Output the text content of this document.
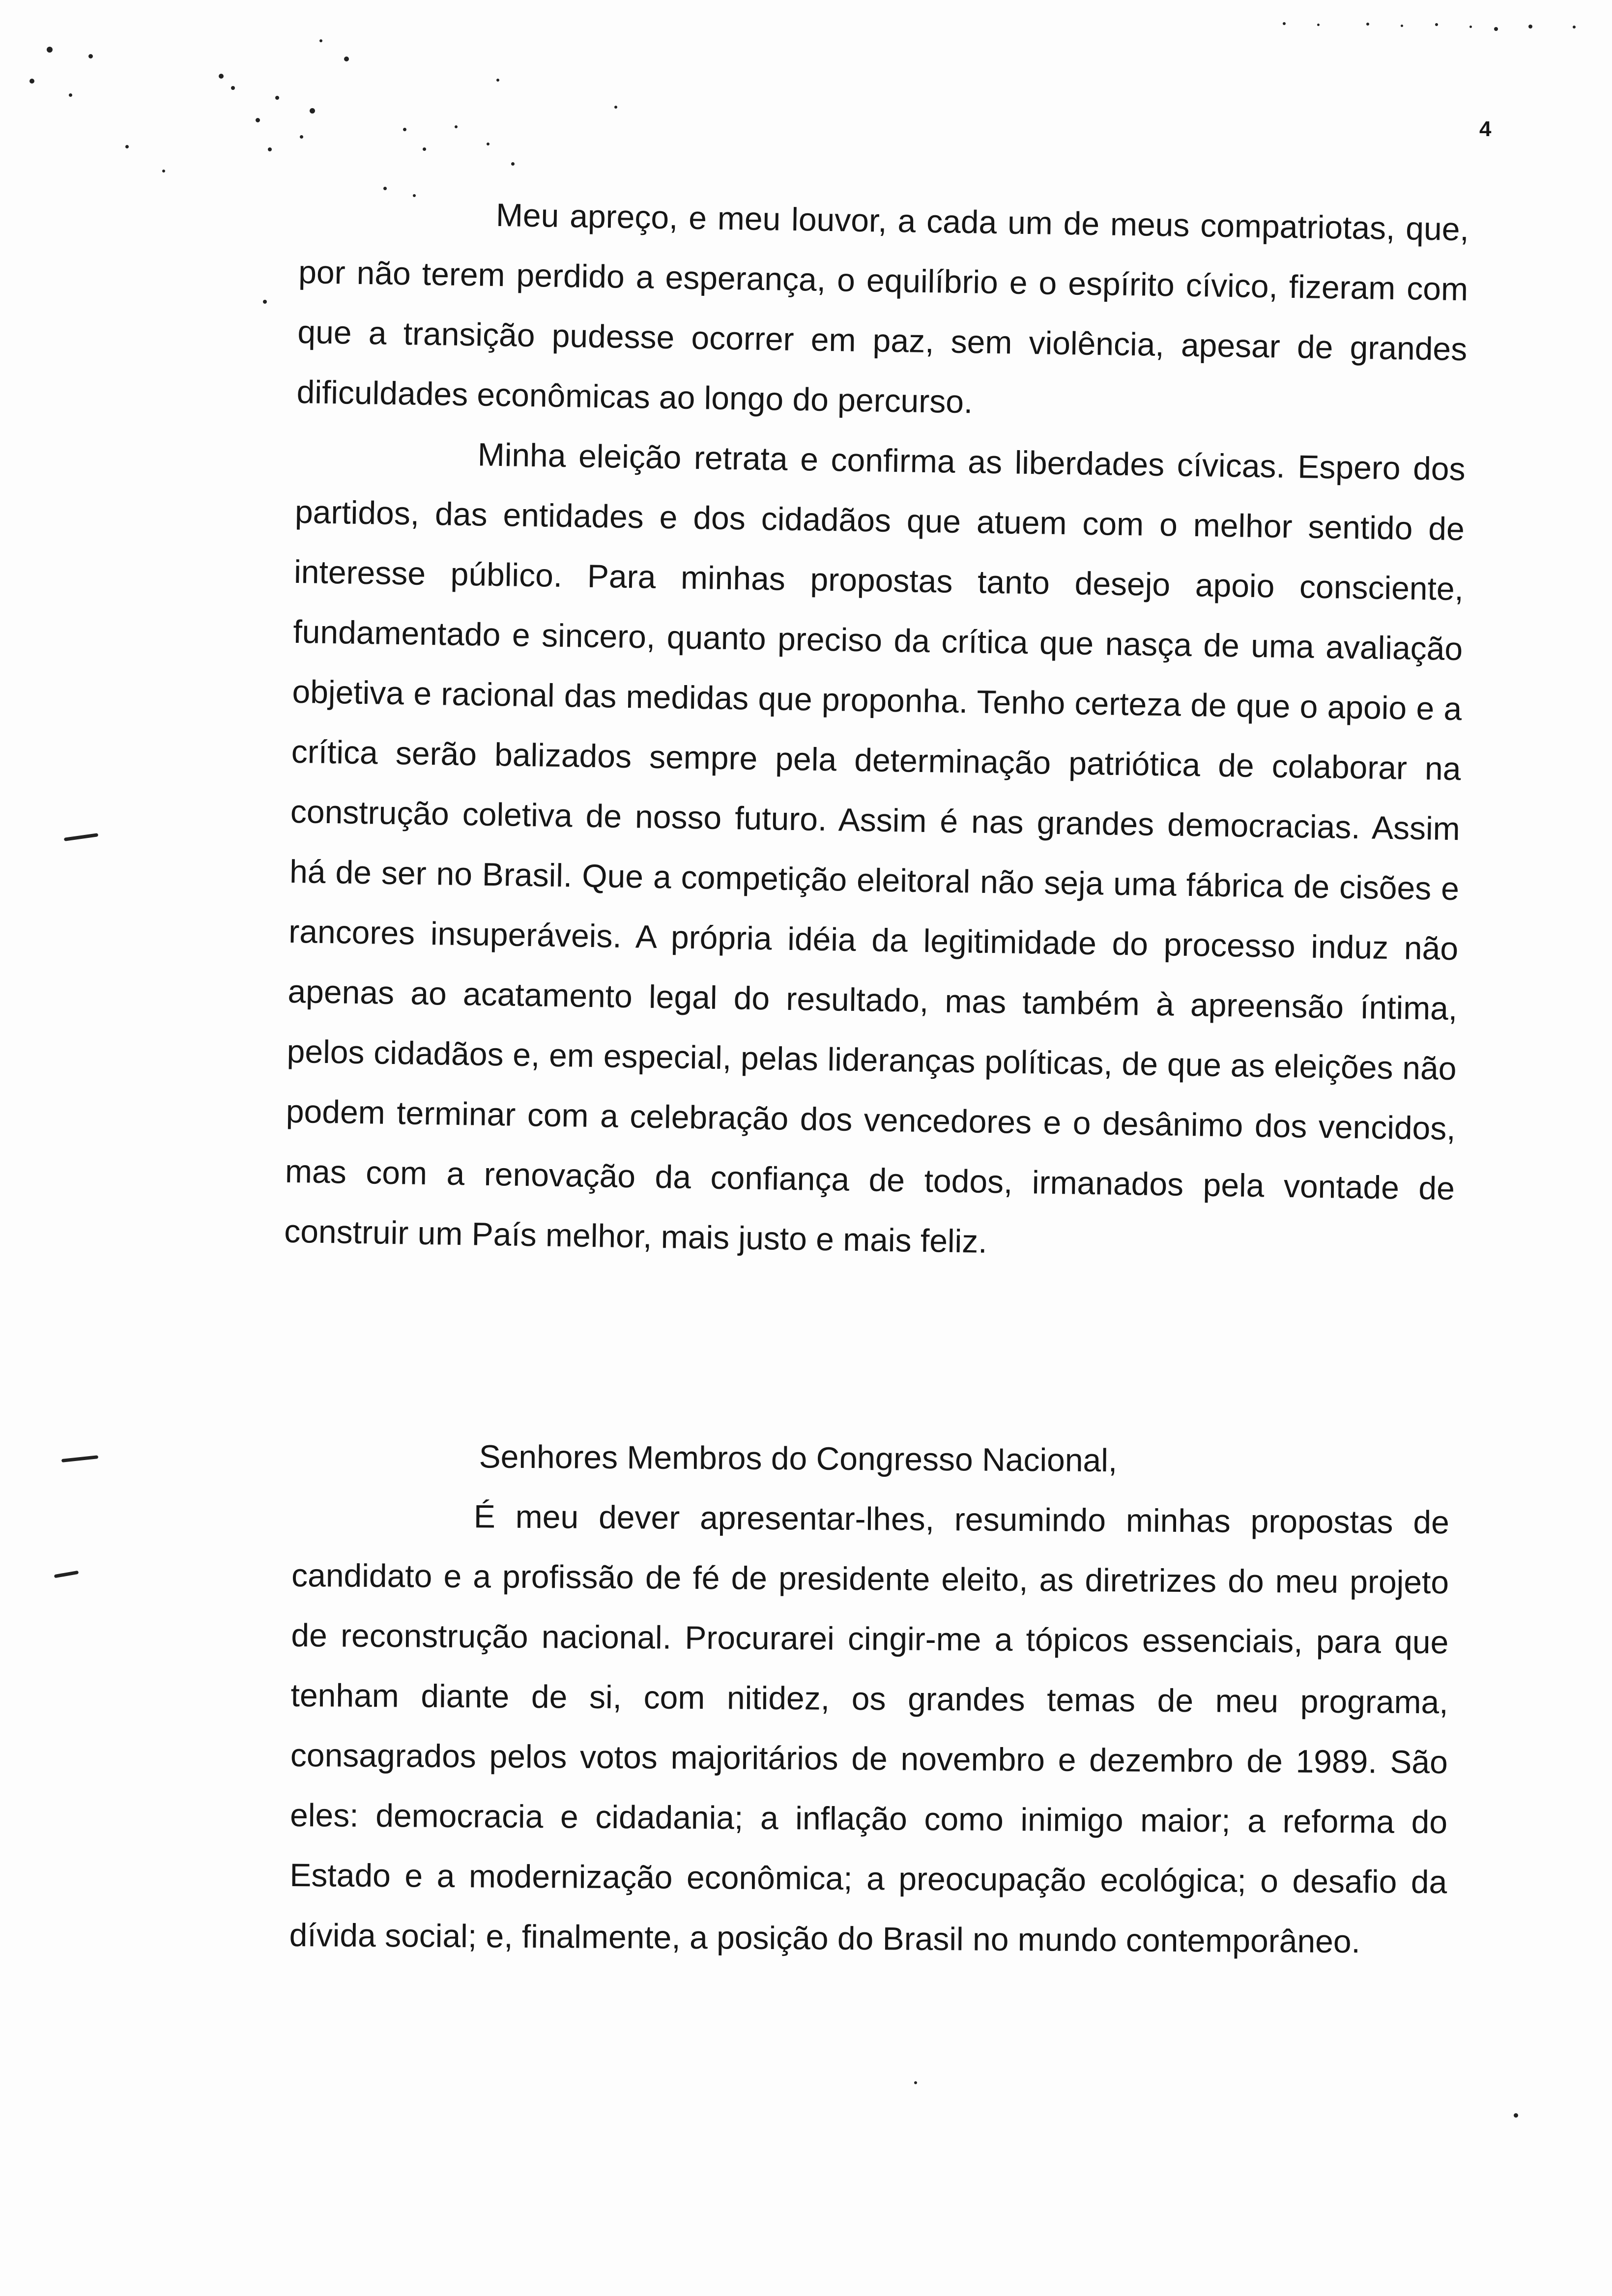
4

Meu apreço, e meu louvor, a cada um de meus compatriotas, que, por não terem perdido a esperança, o equilíbrio e o espírito cívico, fizeram com que a transição pudesse ocorrer em paz, sem violência, apesar de grandes dificuldades econômicas ao longo do percurso.

Minha eleição retrata e confirma as liberdades cívicas. Espero dos partidos, das entidades e dos cidadãos que atuem com o melhor sentido de interesse público. Para minhas propostas tanto desejo apoio consciente, fundamentado e sincero, quanto preciso da crítica que nasça de uma avaliação objetiva e racional das medidas que proponha. Tenho certeza de que o apoio e a crítica serão balizados sempre pela determinação patriótica de colaborar na construção coletiva de nosso futuro. Assim é nas grandes democracias. Assim há de ser no Brasil. Que a competição eleitoral não seja uma fábrica de cisões e rancores insuperáveis. A própria idéia da legitimidade do processo induz não apenas ao acatamento legal do resultado, mas também à apreensão íntima, pelos cidadãos e, em especial, pelas lideranças políticas, de que as eleições não podem terminar com a celebração dos vencedores e o desânimo dos vencidos, mas com a renovação da confiança de todos, irmanados pela vontade de construir um País melhor, mais justo e mais feliz.

Senhores Membros do Congresso Nacional,

É meu dever apresentar-lhes, resumindo minhas propostas de candidato e a profissão de fé de presidente eleito, as diretrizes do meu projeto de reconstrução nacional. Procurarei cingir-me a tópicos essenciais, para que tenham diante de si, com nitidez, os grandes temas de meu programa, consagrados pelos votos majoritários de novembro e dezembro de 1989. São eles: democracia e cidadania; a inflação como inimigo maior; a reforma do Estado e a modernização econômica; a preocupação ecológica; o desafio da dívida social; e, finalmente, a posição do Brasil no mundo contemporâneo.
